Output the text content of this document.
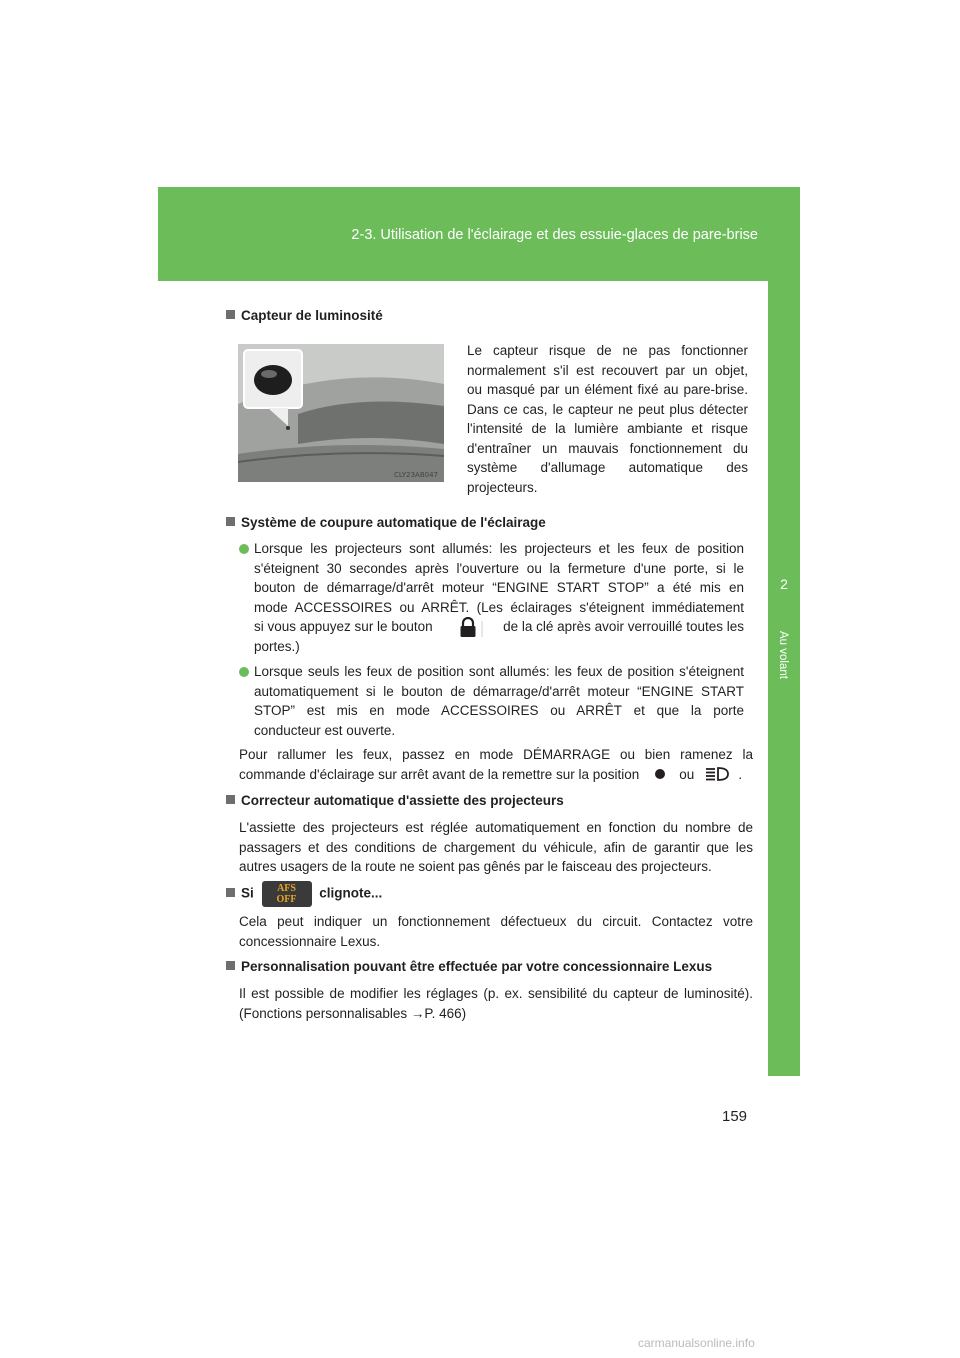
2-3. Utilisation de l'éclairage et des essuie-glaces de pare-brise
2
Au volant
Capteur de luminosité
CLY23AB047
Le capteur risque de ne pas fonctionner
normalement s'il est recouvert par un objet,
ou masqué par un élément fixé au pare-brise.
Dans ce cas, le capteur ne peut plus détecter
l'intensité de la lumière ambiante et risque
d'entraîner un mauvais fonctionnement du
système d'allumage automatique des
projecteurs.
Système de coupure automatique de l'éclairage
Lorsque les projecteurs sont allumés: les projecteurs et les feux de position
s'éteignent 30 secondes après l'ouverture ou la fermeture d'une porte, si le
bouton de démarrage/d'arrêt moteur “ENGINE START STOP” a été mis en
mode ACCESSOIRES ou ARRÊT. (Les éclairages s'éteignent immédiatement
si vous appuyez sur le bouton	de la clé après avoir verrouillé toutes les
portes.)
Lorsque seuls les feux de position sont allumés: les feux de position s'éteignent
automatiquement si le bouton de démarrage/d'arrêt moteur “ENGINE START
STOP” est mis en mode ACCESSOIRES ou ARRÊT et que la porte
conducteur est ouverte.
Pour rallumer les feux, passez en mode DÉMARRAGE ou bien ramenez la
commande d'éclairage sur arrêt avant de la remettre sur la position	ou	.
Correcteur automatique d'assiette des projecteurs
L'assiette des projecteurs est réglée automatiquement en fonction du nombre de
passagers et des conditions de chargement du véhicule, afin de garantir que les
autres usagers de la route ne soient pas gênés par le faisceau des projecteurs.
Si AFS
OFF clignote...
Cela peut indiquer un fonctionnement défectueux du circuit. Contactez votre
concessionnaire Lexus.
Personnalisation pouvant être effectuée par votre concessionnaire Lexus
Il est possible de modifier les réglages (p. ex. sensibilité du capteur de luminosité).
(Fonctions personnalisables →P. 466)
159
carmanualsonline.info
